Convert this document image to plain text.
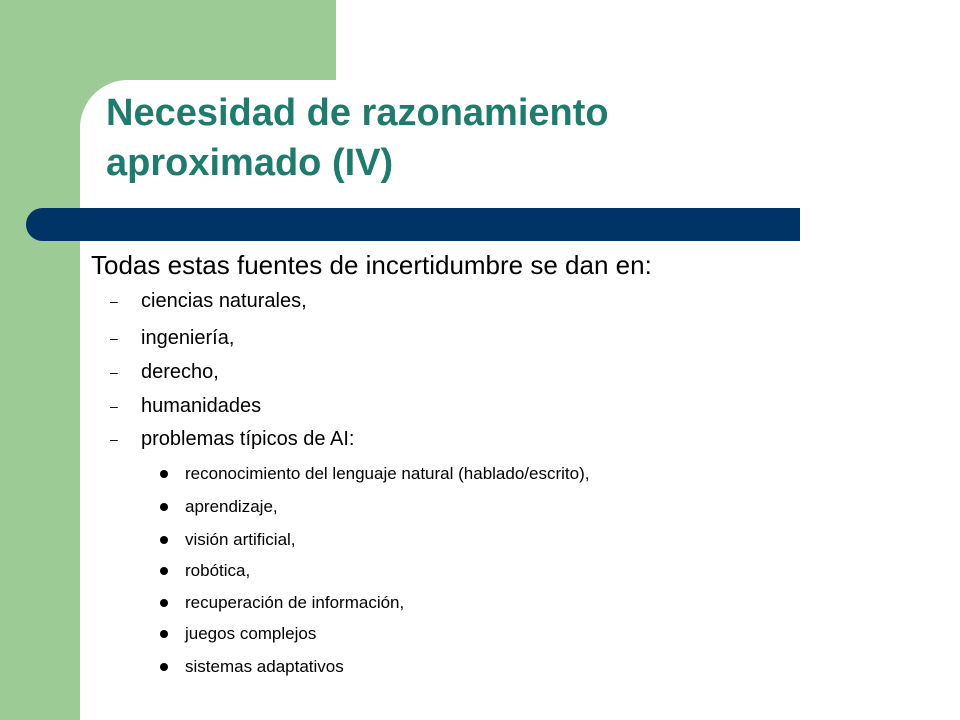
Necesidad de razonamiento
aproximado (IV)
Todas estas fuentes de incertidumbre se dan en:
– ciencias naturales,
– ingeniería,
– derecho,
– humanidades
– problemas típicos de AI:
reconocimiento del lenguaje natural (hablado/escrito),
aprendizaje,
visión artificial,
robótica,
recuperación de información,
juegos complejos
sistemas adaptativos
